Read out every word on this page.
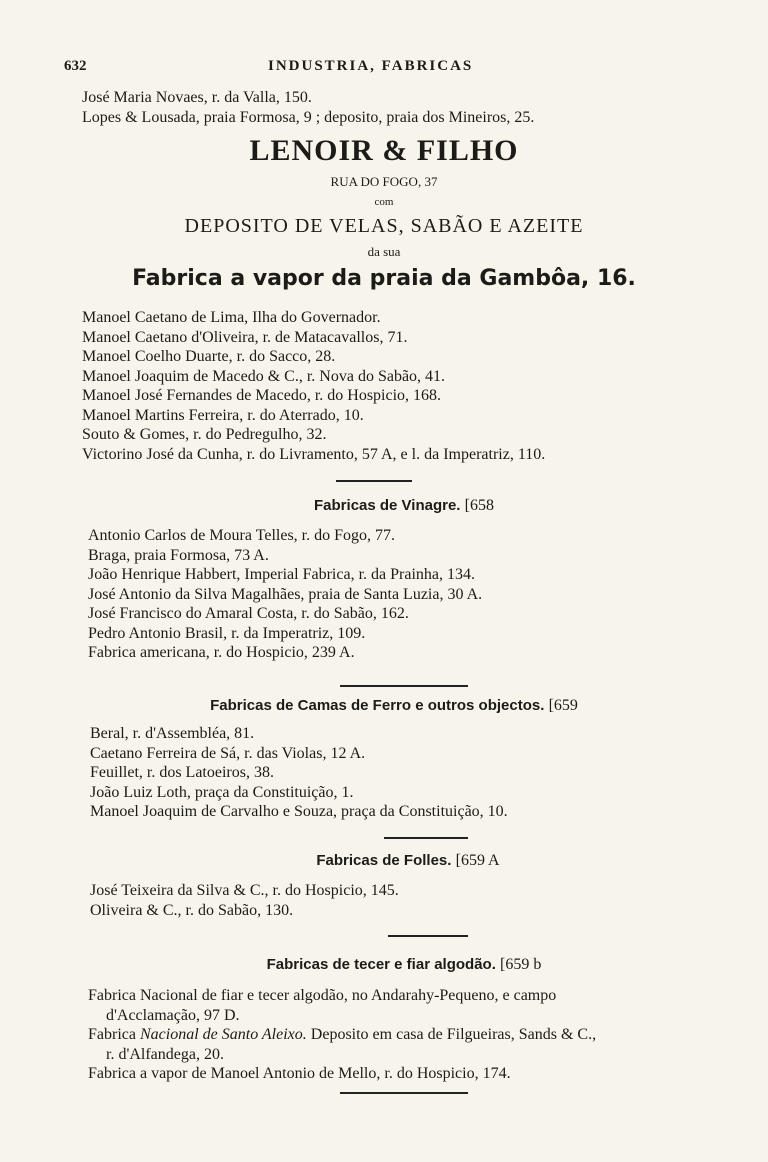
632	INDUSTRIA, FABRICAS
José Maria Novaes, r. da Valla, 150.
Lopes & Lousada, praia Formosa, 9 ; deposito, praia dos Mineiros, 25.
LENOIR & FILHO
RUA DO FOGO, 37
com
DEPOSITO DE VELAS, SABÃO E AZEITE
da sua
Fabrica a vapor da praia da Gambôa, 16.
Manoel Caetano de Lima, Ilha do Governador.
Manoel Caetano d'Oliveira, r. de Matacavallos, 71.
Manoel Coelho Duarte, r. do Sacco, 28.
Manoel Joaquim de Macedo & C., r. Nova do Sabão, 41.
Manoel José Fernandes de Macedo, r. do Hospicio, 168.
Manoel Martins Ferreira, r. do Aterrado, 10.
Souto & Gomes, r. do Pedregulho, 32.
Victorino José da Cunha, r. do Livramento, 57 A, e l. da Imperatriz, 110.
Fabricas de Vinagre. [658
Antonio Carlos de Moura Telles, r. do Fogo, 77.
Braga, praia Formosa, 73 A.
João Henrique Habbert, Imperial Fabrica, r. da Prainha, 134.
José Antonio da Silva Magalhães, praia de Santa Luzia, 30 A.
José Francisco do Amaral Costa, r. do Sabão, 162.
Pedro Antonio Brasil, r. da Imperatriz, 109.
Fabrica americana, r. do Hospicio, 239 A.
Fabricas de Camas de Ferro e outros objectos. [659
Beral, r. d'Assembléa, 81.
Caetano Ferreira de Sá, r. das Violas, 12 A.
Feuillet, r. dos Latoeiros, 38.
João Luiz Loth, praça da Constituição, 1.
Manoel Joaquim de Carvalho e Souza, praça da Constituição, 10.
Fabricas de Folles. [659 A
José Teixeira da Silva & C., r. do Hospicio, 145.
Oliveira & C., r. do Sabão, 130.
Fabricas de tecer e fiar algodão. [659 b
Fabrica Nacional de fiar e tecer algodão, no Andarahy-Pequeno, e campo
d'Acclamação, 97 D.
Fabrica Nacional de Santo Aleixo. Deposito em casa de Filgueiras, Sands & C.,
r. d'Alfandega, 20.
Fabrica a vapor de Manoel Antonio de Mello, r. do Hospicio, 174.
